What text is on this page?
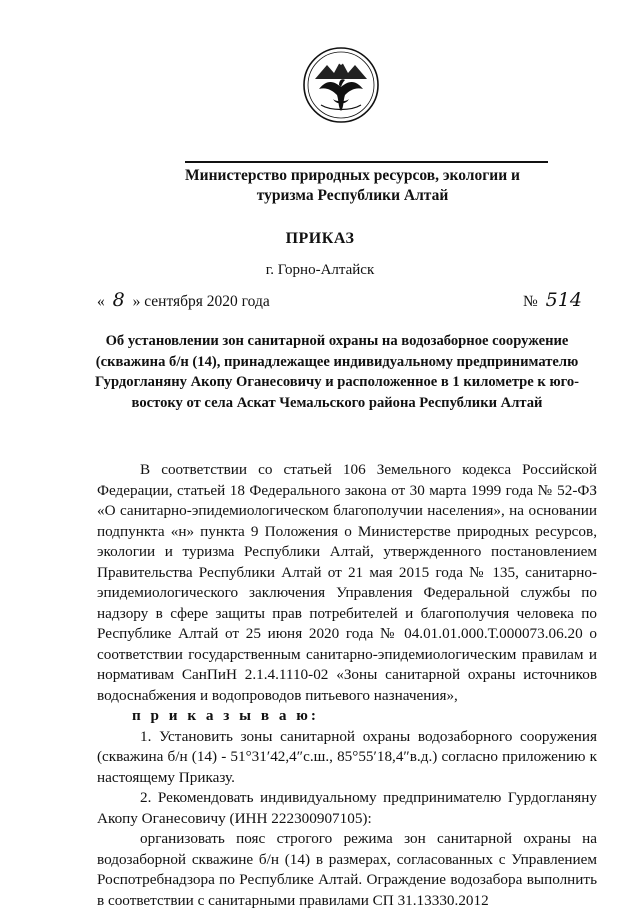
Министерство природных ресурсов, экологии и туризма Республики Алтай

ПРИКАЗ

г. Горно-Алтайск

« 8 » сентября 2020 года	№ 514

Об установлении зон санитарной охраны на водозаборное сооружение (скважина б/н (14), принадлежащее индивидуальному предпринимателю Гурдогланяну Акопу Оганесовичу и расположенное в 1 километре к юго-востоку от села Аскат Чемальского района Республики Алтай

В соответствии со статьей 106 Земельного кодекса Российской Федерации, статьей 18 Федерального закона от 30 марта 1999 года № 52-ФЗ «О санитарно-эпидемиологическом благополучии населения», на основании подпункта «н» пункта 9 Положения о Министерстве природных ресурсов, экологии и туризма Республики Алтай, утвержденного постановлением Правительства Республики Алтай от 21 мая 2015 года № 135, санитарно-эпидемиологического заключения Управления Федеральной службы по надзору в сфере защиты прав потребителей и благополучия человека по Республике Алтай от 25 июня 2020 года № 04.01.01.000.Т.000073.06.20 о соответствии государственным санитарно-эпидемиологическим правилам и нормативам СанПиН 2.1.4.1110-02 «Зоны санитарной охраны источников водоснабжения и водопроводов питьевого назначения»,

п р и к а з ы в а ю:

1. Установить зоны санитарной охраны водозаборного сооружения (скважина б/н (14) - 51°31′42,4″с.ш., 85°55′18,4″в.д.) согласно приложению к настоящему Приказу.

2. Рекомендовать индивидуальному предпринимателю Гурдогланяну Акопу Оганесовичу (ИНН 222300907105):

организовать пояс строгого режима зон санитарной охраны на водозаборной скважине б/н (14) в размерах, согласованных с Управлением Роспотребнадзора по Республике Алтай. Ограждение водозабора выполнить в соответствии с санитарными правилами СП 31.13330.2012
